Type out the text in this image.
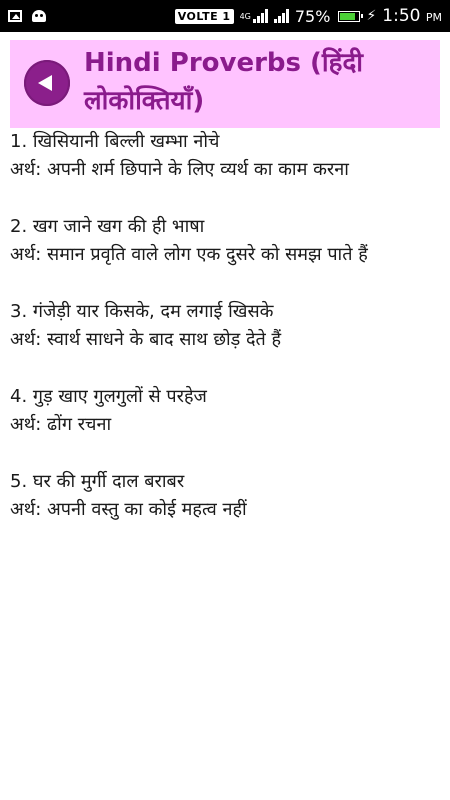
VOLTE 1	4G	75%	⚡ 1:50 PM
Hindi Proverbs (हिंदी लोकोक्तियाँ)

1. खिसियानी बिल्ली खम्भा नोचे

अर्थ: अपनी शर्म छिपाने के लिए व्यर्थ का काम करना

2. खग जाने खग की ही भाषा

अर्थ: समान प्रवृति वाले लोग एक दुसरे को समझ पाते हैं

3. गंजेड़ी यार किसके, दम लगाई खिसके

अर्थ: स्वार्थ साधने के बाद साथ छोड़ देते हैं

4. गुड़ खाए गुलगुलों से परहेज

अर्थ: ढोंग रचना

5. घर की मुर्गी दाल बराबर

अर्थ: अपनी वस्तु का कोई महत्व नहीं
